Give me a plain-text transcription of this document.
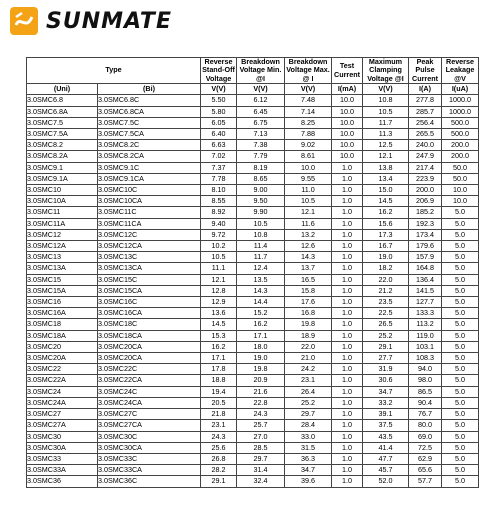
SUNMATE
Type		Reverse Stand-Off Voltage	Breakdown Voltage Min. @I	Breakdown Voltage Max. @ I	Test Current	Maximum Clamping Voltage @I	Peak Pulse Current	Reverse Leakage @V
(Uni)	(Bi)	V(V)	V(V)	V(V)	I(mA)	V(V)	I(A)	I(uA)
3.0SMC6.8	3.0SMC6.8C	5.50	6.12	7.48	10.0	10.8	277.8	1000.0
3.0SMC6.8A	3.0SMC6.8CA	5.80	6.45	7.14	10.0	10.5	285.7	1000.0
3.0SMC7.5	3.0SMC7.5C	6.05	6.75	8.25	10.0	11.7	256.4	500.0
3.0SMC7.5A	3.0SMC7.5CA	6.40	7.13	7.88	10.0	11.3	265.5	500.0
3.0SMC8.2	3.0SMC8.2C	6.63	7.38	9.02	10.0	12.5	240.0	200.0
3.0SMC8.2A	3.0SMC8.2CA	7.02	7.79	8.61	10.0	12.1	247.9	200.0
3.0SMC9.1	3.0SMC9.1C	7.37	8.19	10.0	1.0	13.8	217.4	50.0
3.0SMC9.1A	3.0SMC9.1CA	7.78	8.65	9.55	1.0	13.4	223.9	50.0
3.0SMC10	3.0SMC10C	8.10	9.00	11.0	1.0	15.0	200.0	10.0
3.0SMC10A	3.0SMC10CA	8.55	9.50	10.5	1.0	14.5	206.9	10.0
3.0SMC11	3.0SMC11C	8.92	9.90	12.1	1.0	16.2	185.2	5.0
3.0SMC11A	3.0SMC11CA	9.40	10.5	11.6	1.0	15.6	192.3	5.0
3.0SMC12	3.0SMC12C	9.72	10.8	13.2	1.0	17.3	173.4	5.0
3.0SMC12A	3.0SMC12CA	10.2	11.4	12.6	1.0	16.7	179.6	5.0
3.0SMC13	3.0SMC13C	10.5	11.7	14.3	1.0	19.0	157.9	5.0
3.0SMC13A	3.0SMC13CA	11.1	12.4	13.7	1.0	18.2	164.8	5.0
3.0SMC15	3.0SMC15C	12.1	13.5	16.5	1.0	22.0	136.4	5.0
3.0SMC15A	3.0SMC15CA	12.8	14.3	15.8	1.0	21.2	141.5	5.0
3.0SMC16	3.0SMC16C	12.9	14.4	17.6	1.0	23.5	127.7	5.0
3.0SMC16A	3.0SMC16CA	13.6	15.2	16.8	1.0	22.5	133.3	5.0
3.0SMC18	3.0SMC18C	14.5	16.2	19.8	1.0	26.5	113.2	5.0
3.0SMC18A	3.0SMC18CA	15.3	17.1	18.9	1.0	25.2	119.0	5.0
3.0SMC20	3.0SMC20CA	16.2	18.0	22.0	1.0	29.1	103.1	5.0
3.0SMC20A	3.0SMC20CA	17.1	19.0	21.0	1.0	27.7	108.3	5.0
3.0SMC22	3.0SMC22C	17.8	19.8	24.2	1.0	31.9	94.0	5.0
3.0SMC22A	3.0SMC22CA	18.8	20.9	23.1	1.0	30.6	98.0	5.0
3.0SMC24	3.0SMC24C	19.4	21.6	26.4	1.0	34.7	86.5	5.0
3.0SMC24A	3.0SMC24CA	20.5	22.8	25.2	1.0	33.2	90.4	5.0
3.0SMC27	3.0SMC27C	21.8	24.3	29.7	1.0	39.1	76.7	5.0
3.0SMC27A	3.0SMC27CA	23.1	25.7	28.4	1.0	37.5	80.0	5.0
3.0SMC30	3.0SMC30C	24.3	27.0	33.0	1.0	43.5	69.0	5.0
3.0SMC30A	3.0SMC30CA	25.6	28.5	31.5	1.0	41.4	72.5	5.0
3.0SMC33	3.0SMC33C	26.8	29.7	36.3	1.0	47.7	62.9	5.0
3.0SMC33A	3.0SMC33CA	28.2	31.4	34.7	1.0	45.7	65.6	5.0
3.0SMC36	3.0SMC36C	29.1	32.4	39.6	1.0	52.0	57.7	5.0
